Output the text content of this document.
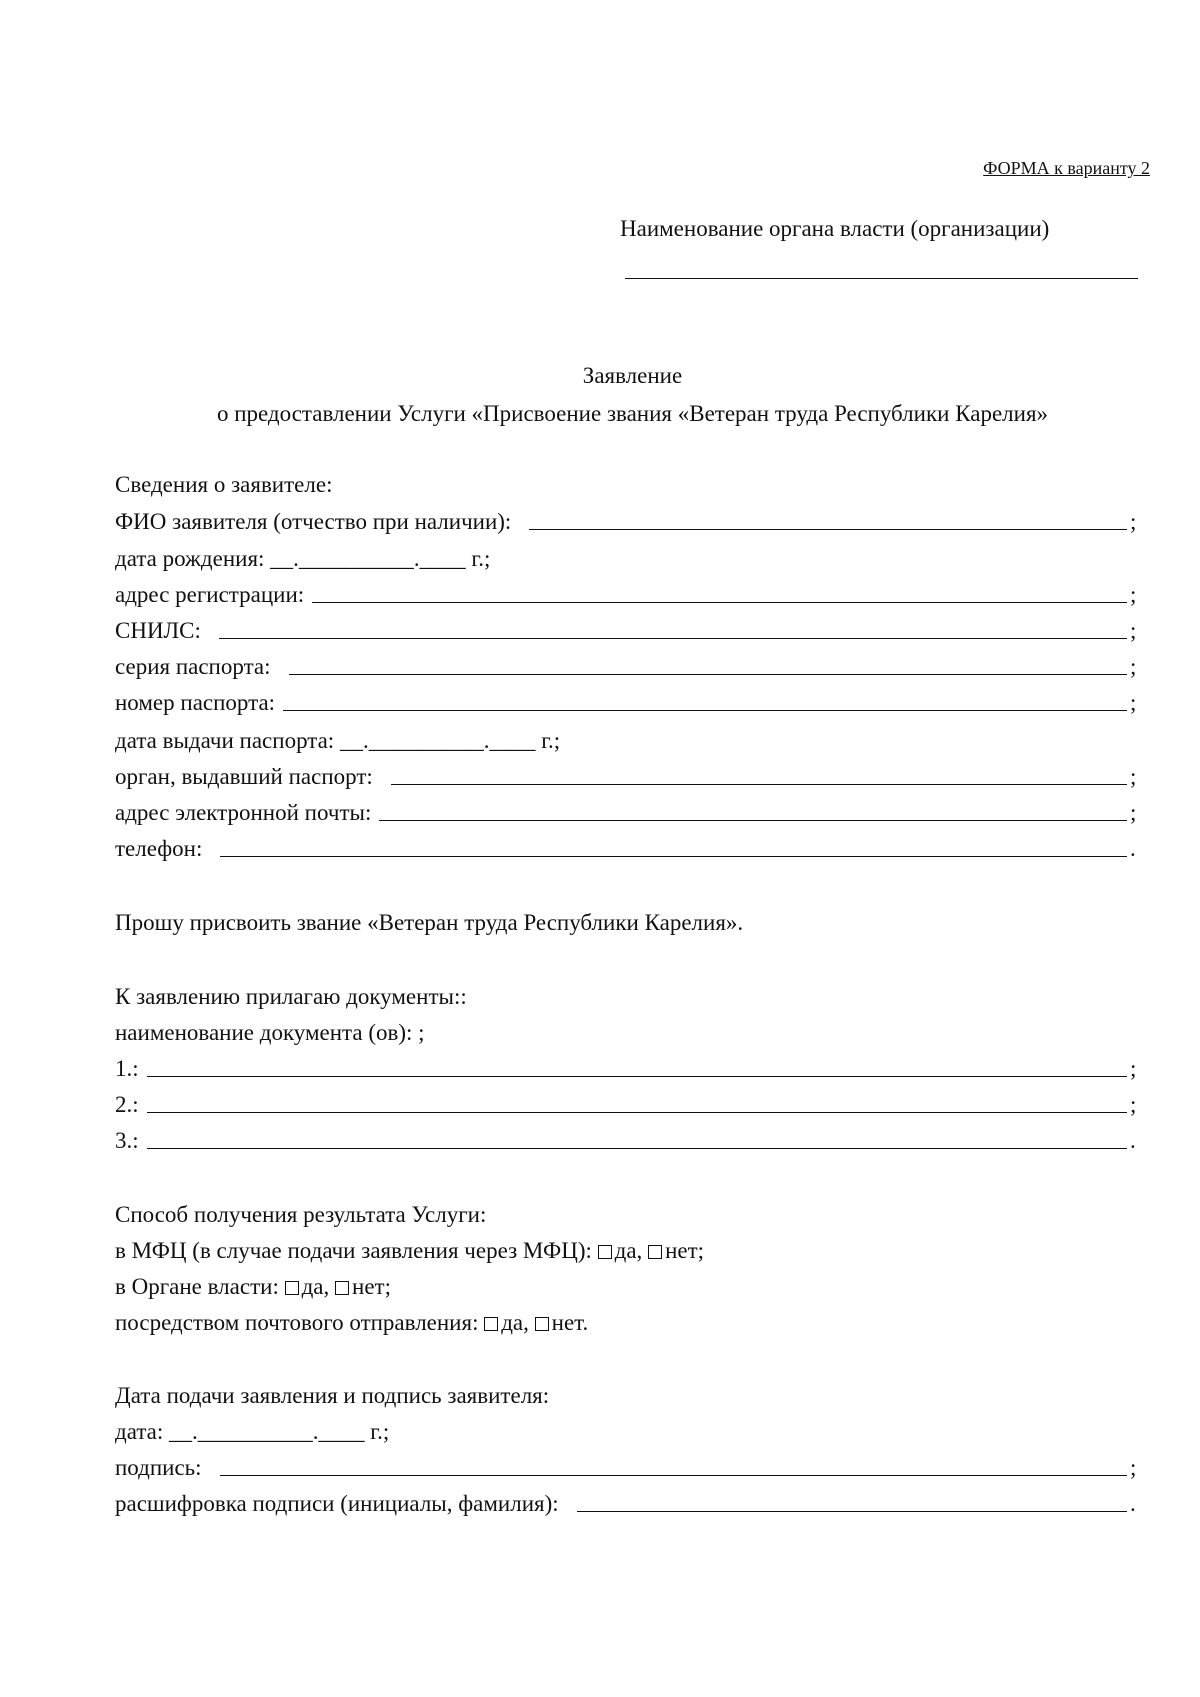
ФОРМА к варианту 2
Наименование органа власти (организации)
Заявление
о предоставлении Услуги «Присвоение звания «Ветеран труда Республики Карелия»
Сведения о заявителе:
ФИО заявителя (отчество при наличии):	;
дата рождения: __.__________.____ г.;
адрес регистрации:	;
СНИЛС:	;
серия паспорта:	;
номер паспорта:	;
дата выдачи паспорта: __.__________.____ г.;
орган, выдавший паспорт:	;
адрес электронной почты:	;
телефон:	.
Прошу присвоить звание «Ветеран труда Республики Карелия».
К заявлению прилагаю документы::
наименование документа (ов): ;
1.:	;
2.:	;
3.:	.
Способ получения результата Услуги:
в МФЦ (в случае подачи заявления через МФЦ): да, нет;
в Органе власти: да, нет;
посредством почтового отправления: да, нет.
Дата подачи заявления и подпись заявителя:
дата: __.__________.____ г.;
подпись:	;
расшифровка подписи (инициалы, фамилия):	.
